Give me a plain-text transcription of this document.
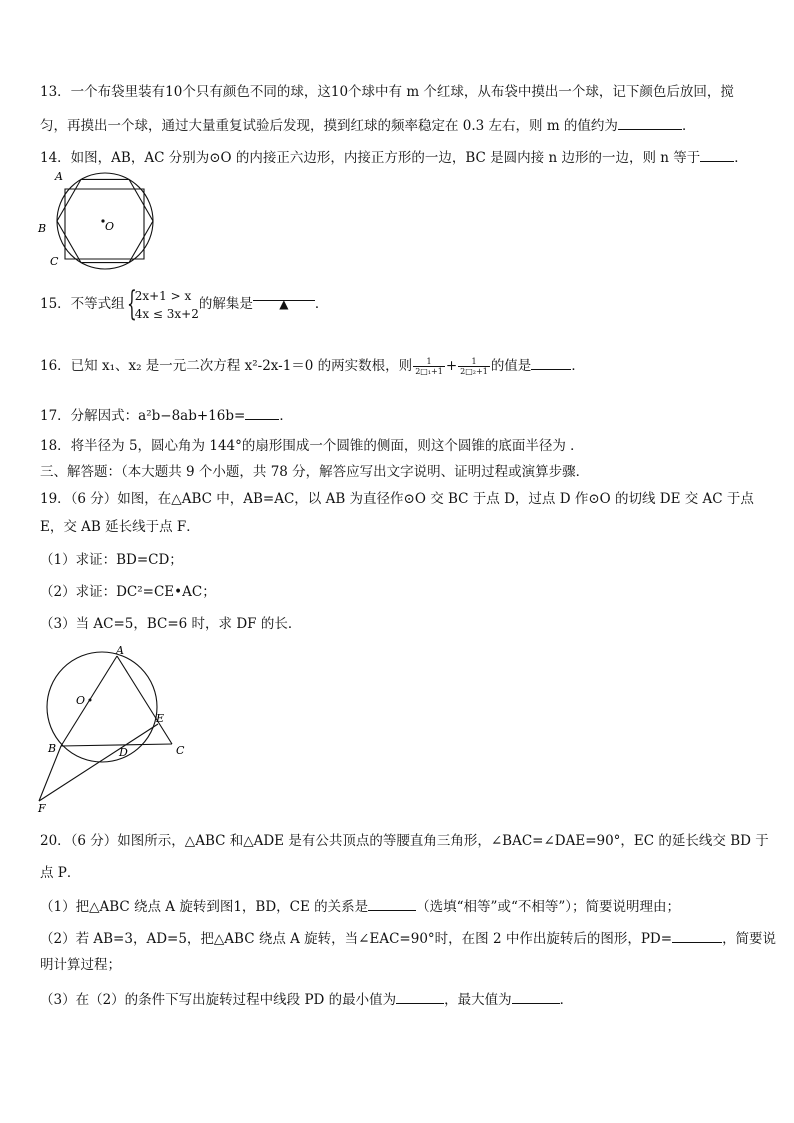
13．一个布袋里装有10个只有颜色不同的球，这10个球中有 m 个红球，从布袋中摸出一个球，记下颜色后放回，搅
匀，再摸出一个球，通过大量重复试验后发现，摸到红球的频率稳定在 0.3 左右，则 m 的值约为	．
14．如图，AB，AC 分别为⊙O 的内接正六边形，内接正方形的一边，BC 是圆内接 n 边形的一边，则 n 等于	．
A
B
C
O
15．不等式组 {
2x+1 > x
4x ≤ 3x+2
的解集是 ▲ ．
16．已知 x₁、x₂ 是一元二次方程 x²-2x-1＝0 的两实数根，则 $\frac{1}{\text{2□₁+1}} + \frac{1}{\text{2□₂+1}}$ 的值是	．
17．分解因式：a²b−8ab+16b=	．
18．将半径为 5，圆心角为 144°的扇形围成一个圆锥的侧面，则这个圆锥的底面半径为 ．
三、解答题：（本大题共 9 个小题，共 78 分，解答应写出文字说明、证明过程或演算步骤．
19．（6 分）如图，在△ABC 中，AB=AC，以 AB 为直径作⊙O 交 BC 于点 D，过点 D 作⊙O 的切线 DE 交 AC 于点
E，交 AB 延长线于点 F．
（1）求证：BD=CD；
（2）求证：DC²=CE•AC；
（3）当 AC=5，BC=6 时，求 DF 的长．
A
O
E
B	D	C
F
20．（6 分）如图所示，△ABC 和△ADE 是有公共顶点的等腰直角三角形，∠BAC=∠DAE=90°，EC 的延长线交 BD 于
点 P．
（1）把△ABC 绕点 A 旋转到图1，BD，CE 的关系是	（选填“相等”或“不相等”）；简要说明理由；
（2）若 AB=3，AD=5，把△ABC 绕点 A 旋转，当∠EAC=90°时，在图 2 中作出旋转后的图形，PD=	，简要说
明计算过程；
（3）在（2）的条件下写出旋转过程中线段 PD 的最小值为	，最大值为	．
